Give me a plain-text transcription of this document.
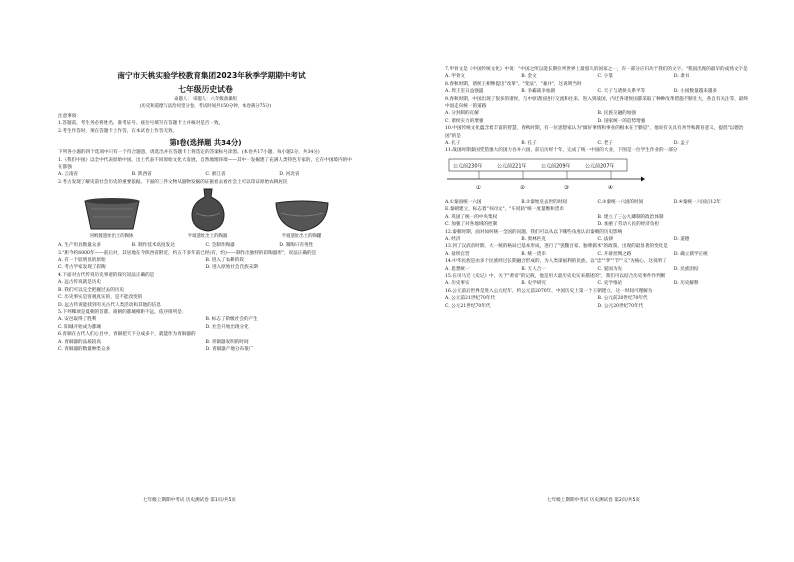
南宁市天桃实验学校教育集团2023年秋季学期期中考试
七年级历史试卷
命题人： 审题人：八年级备课组
(历史和道德与法治同堂分卷，考试时间共150分钟，本卷满分75分)
注意事项：
1.答题前，考生务必将姓名、准考证号、座位号填写在答题卡上并核对是否一致。
2.考生作答时，须在答题卡上作答，在本试卷上作答无效。
第Ⅰ卷(选择题 共34分)
下列各小题的四个选项中只有一个符合题意，请选出并在答题卡上将选定的答案标号涂黑。(本卷共17小题，每小题2分，共34分)
1.《我们中国》以全中代表原始中国，出土代表不同原始文化大发展。自然地理环境——其中一发掘建了充满人类特色专家的，它在中国境内的中在都强
A. 云南省	B. 陕西省	C. 浙江省	D. 河北省
2.考古发现了解史前社会历史的重要依据。下面的三件文物从器物发掘的证据看去看社会上可以印证原始农耕居民
河姆渡遗址出土的陶钵	半坡遗址出土的陶器	半坡遗址出土的陶罐
A. 生产用具数量众多	B. 制作技术高度发达	C. 会制作陶器	D. 制陶只有男性
3."距今约6000年——前后对，其居地在今陕西省附近，约五千多年前已经(有，约)——制作出独特的彩陶器形"，说法正确的是
A. 有一个较明显的原始	B. 进入了农耕阶段
C. 考古学家发现了彩陶	D. 进入原始社会氏族末期
4.下面对古代传说历史事迹的探究说法正确的是
A. 远古传说就是历史
B. 我们可以完全把握过去的历史
C. 历史事实是客观真实的，是不能改变的
D. 远古传说能找到有关古代人类活动和其他的信息
5.下列哪项是夏朝的首都，商朝的都城相距不远，依序排列是：
A. 安邑取得了胜利	B. 标志了阶级社会的产生
C. 阳城开始成为都城	D. 社会开始出现分化
6.青铜在古代人们心目中，青铜把天下分成多个，就能作为青铜器的
A. 青铜器的品质较高	B. 青铜器发明的时间
C. 青铜器的数量种类众多	D. 青铜器产地分布很广
七年级上期期中考试 历史测试卷 第1页/共5页
7.甲骨文是《中国传统文化》中说："中国之所以能长期位列世界上最悠久的国家之一，有一部分应归功于我们的文字。"我国出现的最早的成熟文字是
A. 甲骨文	B. 金文	C. 小篆	D. 隶书
8.春秋时期，诸侯王相继提出"改革"、"变法"、"兼并"，这说明当时
A. 周王室日益强盛	B. 争霸战争加剧	C. 天子与诸侯关系平等	D. 小国数量越来越多
9.春秋时期，中国出现了很多的诸侯，与中原诸国进行交流和往来，进入到战国，内迁各诸侯国都采取了种种改革措施不断壮大，各自有关注等，最终中国走向统一的道路
A. 分封制的瓦解	B. 民族交融的加强
C. 诸侯实力的增强	D. 国家统一的趋势增强
10.中国传统文化蕴含着丰富的智慧，春秋时期，有一位思想家认为"做好事情和事业的根本在于勤恳"，他说有关具有劝导和教育意义，提倡"以德治国"的是
A. 孔子	B. 孔子	C. 老子	D. 孟子
11.战国时期秦国凭借强大的国力吞并六国，前后历经十年，完成了统一中国的大业，下图是一位学生作业的一部分
公元前230年	公元前221年	公元前209年	公元前207年
①	②	③	④
A.①秦国统一六国	B.②秦始皇去世的时间	C.③秦统一六国的时间	D.④秦统一六国后12年
E.秦朝建立，标志着"书同文"，"车同轨"统一度量衡和货币
A. 巩固了统一的中央集权	B. 建立了三公九卿制的政治体制
C. 加强了对各地域的控制	D. 加重了劳动人民的经济负担
12.秦朝时期，面对如何统一全国的问题，我们可以从以下哪些角度认识秦朝的历史影响
A. 经济	B. 奥林匹克	C. 法律	D. 道德
13.到了汉武帝时期，大一统的格局已基本形成，进行了"罢黜百家，独尊儒术"的政策，出现的最显著的变化是
A. 盐铁官营	B. 统一货币	C. 开辟丝绸之路	D. 确立儒学正统
14.中华民族是由多个民族经过长期融合形成的，为人类谋福利的民族，以"忠""孝""节""义"为核心，这说明了
A. 思想统一	B. 天人合一	C. 爱国为先	D. 民族团结
15.在司马迁《史记》中，关于"黄帝"的记载，他是用大量历史史实来描述的"，我们可以结合历史事件作判断
A. 历史事实	B. 史学研究	C. 史学推论	D. 历史解释
16.公元前后世界是进入公元纪年，约公元前2070年，中国历史上第一个王朝建立，这一时间可理解为
A. 公元前21世纪70年代	B. 公元前20世纪70年代
C. 公元21世纪70年代	D. 公元20世纪70年代
七年级上期期中考试 历史测试卷 第2页/共5页
